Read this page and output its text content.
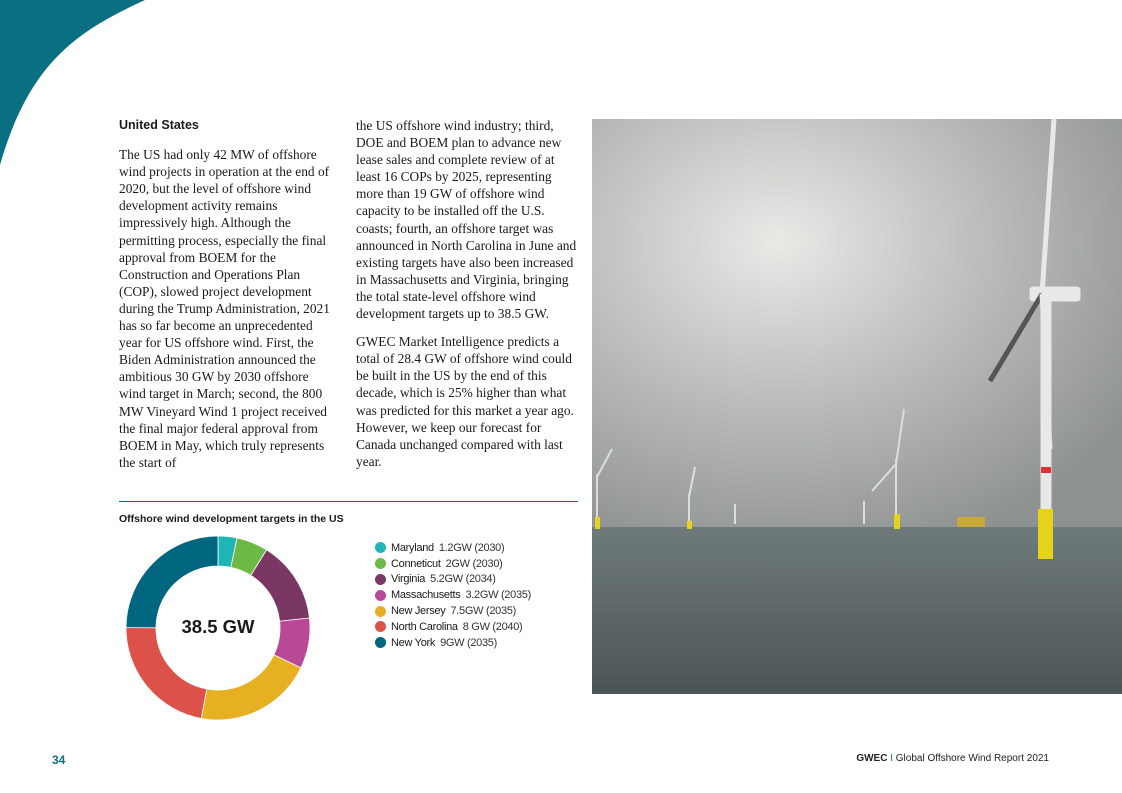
United States

The US had only 42 MW of offshore wind projects in operation at the end of 2020, but the level of offshore wind development activity remains impressively high. Although the permitting process, especially the final approval from BOEM for the Construction and Operations Plan (COP), slowed project development during the Trump Administration, 2021 has so far become an unprecedented year for US offshore wind. First, the Biden Administration announced the ambitious 30 GW by 2030 offshore wind target in March; second, the 800 MW Vineyard Wind 1 project received the final major federal approval from BOEM in May, which truly represents the start of

the US offshore wind industry; third, DOE and BOEM plan to advance new lease sales and complete review of at least 16 COPs by 2025, representing more than 19 GW of offshore wind capacity to be installed off the U.S. coasts; fourth, an offshore target was announced in North Carolina in June and existing targets have also been increased in Massachusetts and Virginia, bringing the total state-level offshore wind development targets up to 38.5 GW.

GWEC Market Intelligence predicts a total of 28.4 GW of offshore wind could be built in the US by the end of this decade, which is 25% higher than what was predicted for this market a year ago. However, we keep our forecast for Canada unchanged compared with last year.

Offshore wind development targets in the US
38.5 GW
Maryland 1.2GW (2030)
Conneticut 2GW (2030)
Virginia 5.2GW (2034)
Massachusetts 3.2GW (2035)
New Jersey 7.5GW (2035)
North Carolina 8 GW (2040)
New York 9GW (2035)
34	GWEC I Global Offshore Wind Report 2021
